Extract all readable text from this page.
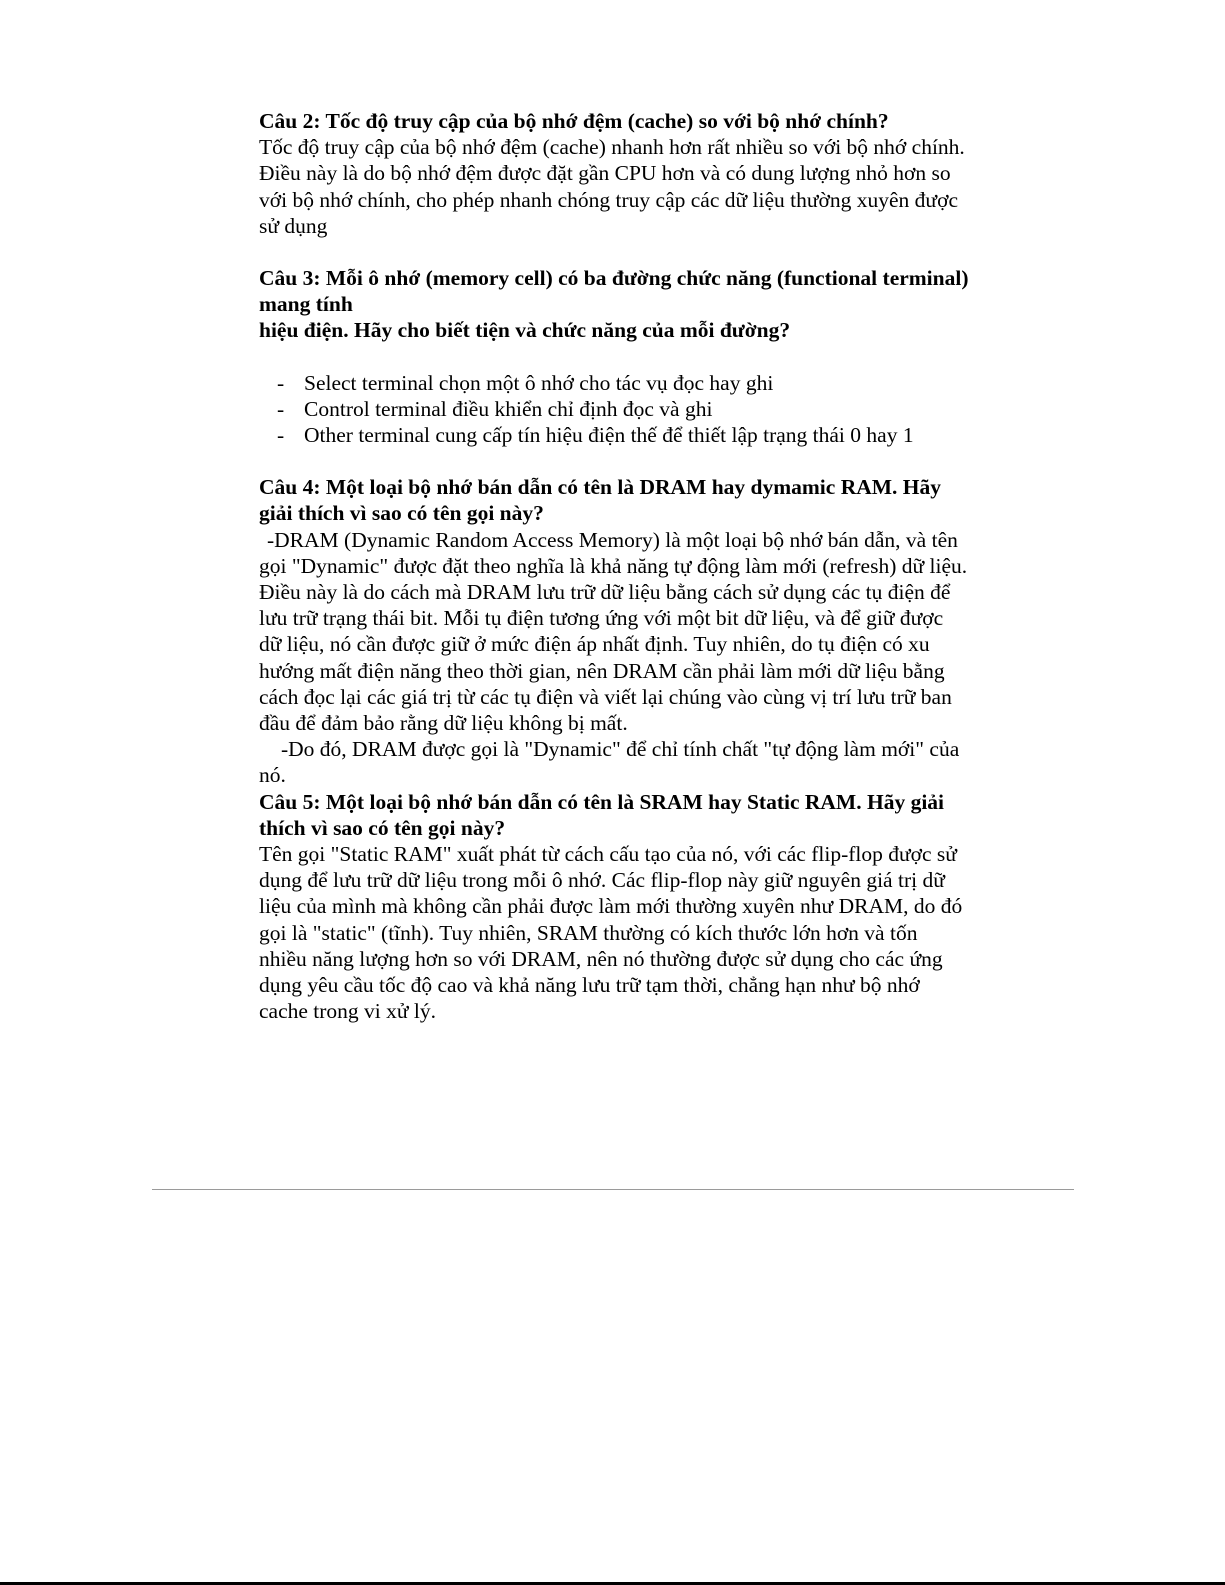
Câu 2: Tốc độ truy cập của bộ nhớ đệm (cache) so với bộ nhớ chính?

Tốc độ truy cập của bộ nhớ đệm (cache) nhanh hơn rất nhiều so với bộ nhớ chính. Điều này là do bộ nhớ đệm được đặt gần CPU hơn và có dung lượng nhỏ hơn so với bộ nhớ chính, cho phép nhanh chóng truy cập các dữ liệu thường xuyên được sử dụng

Câu 3: Mỗi ô nhớ (memory cell) có ba đường chức năng (functional terminal) mang tính

hiệu điện. Hãy cho biết tiện và chức năng của mỗi đường?

- Select terminal chọn một ô nhớ cho tác vụ đọc hay ghi
- Control terminal điều khiển chỉ định đọc và ghi
- Other terminal cung cấp tín hiệu điện thế để thiết lập trạng thái 0 hay 1

Câu 4: Một loại bộ nhớ bán dẫn có tên là DRAM hay dymamic RAM. Hãy giải thích vì sao có tên gọi này?

-DRAM (Dynamic Random Access Memory) là một loại bộ nhớ bán dẫn, và tên gọi "Dynamic" được đặt theo nghĩa là khả năng tự động làm mới (refresh) dữ liệu. Điều này là do cách mà DRAM lưu trữ dữ liệu bằng cách sử dụng các tụ điện để lưu trữ trạng thái bit. Mỗi tụ điện tương ứng với một bit dữ liệu, và để giữ được dữ liệu, nó cần được giữ ở mức điện áp nhất định. Tuy nhiên, do tụ điện có xu hướng mất điện năng theo thời gian, nên DRAM cần phải làm mới dữ liệu bằng cách đọc lại các giá trị từ các tụ điện và viết lại chúng vào cùng vị trí lưu trữ ban đầu để đảm bảo rằng dữ liệu không bị mất.

-Do đó, DRAM được gọi là "Dynamic" để chỉ tính chất "tự động làm mới" của nó.

Câu 5: Một loại bộ nhớ bán dẫn có tên là SRAM hay Static RAM. Hãy giải thích vì sao có tên gọi này?

Tên gọi "Static RAM" xuất phát từ cách cấu tạo của nó, với các flip-flop được sử dụng để lưu trữ dữ liệu trong mỗi ô nhớ. Các flip-flop này giữ nguyên giá trị dữ liệu của mình mà không cần phải được làm mới thường xuyên như DRAM, do đó gọi là "static" (tĩnh). Tuy nhiên, SRAM thường có kích thước lớn hơn và tốn nhiều năng lượng hơn so với DRAM, nên nó thường được sử dụng cho các ứng dụng yêu cầu tốc độ cao và khả năng lưu trữ tạm thời, chẳng hạn như bộ nhớ cache trong vi xử lý.
